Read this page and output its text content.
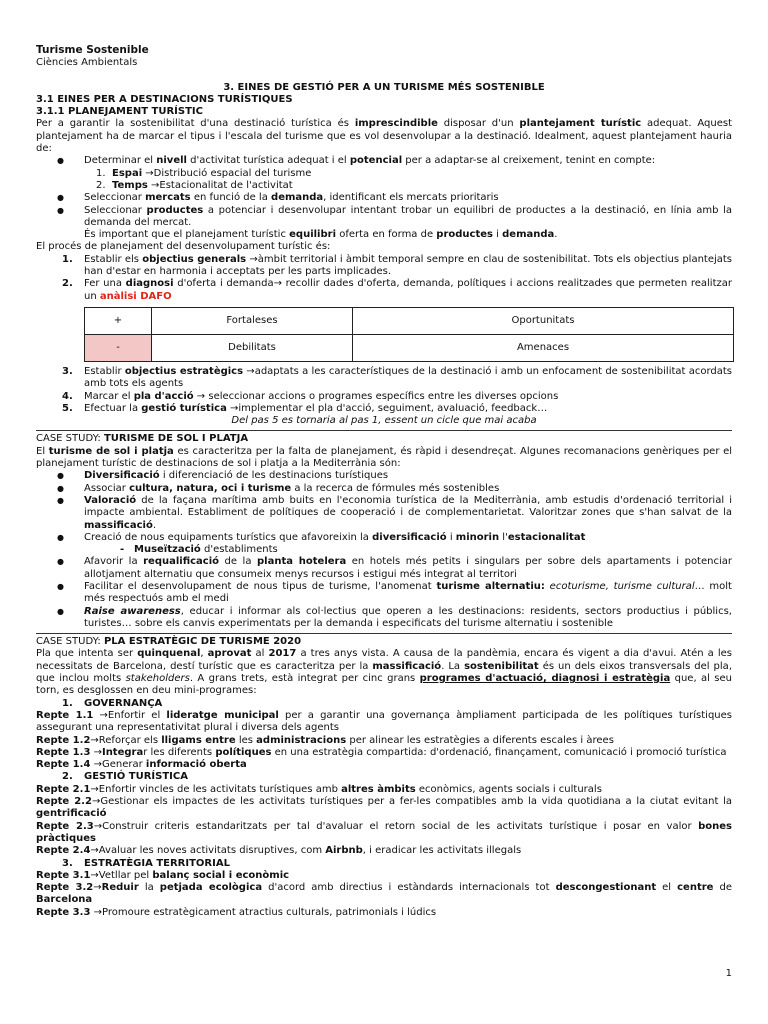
Turisme Sostenible
Ciències Ambientals
3. EINES DE GESTIÓ PER A UN TURISME MÉS SOSTENIBLE
3.1 EINES PER A DESTINACIONS TURÍSTIQUES
3.1.1 PLANEJAMENT TURÍSTIC

Per a garantir la sostenibilitat d'una destinació turística és imprescindible disposar d'un plantejament turístic adequat. Aquest plantejament ha de marcar el tipus i l'escala del turisme que es vol desenvolupar a la destinació. Idealment, aquest plantejament hauria de:

● Determinar el nivell d'activitat turística adequat i el potencial per a adaptar-se al creixement, tenint en compte:
1. Espai →Distribució espacial del turisme
2. Temps →Estacionalitat de l'activitat
● Seleccionar mercats en funció de la demanda, identificant els mercats prioritaris
● Seleccionar productes a potenciar i desenvolupar intentant trobar un equilibri de productes a la destinació, en línia amb la demanda del mercat.
És important que el planejament turístic equilibri oferta en forma de productes i demanda.

El procés de planejament del desenvolupament turístic és:

1. Establir els objectius generals →àmbit territorial i àmbit temporal sempre en clau de sostenibilitat. Tots els objectius plantejats han d'estar en harmonia i acceptats per les parts implicades.
2. Fer una diagnosi d'oferta i demanda→ recollir dades d'oferta, demanda, polítiques i accions realitzades que permeten realitzar un anàlisi DAFO
+	Fortaleses	Oportunitats
-	Debilitats	Amenaces
3. Establir objectius estratègics →adaptats a les característiques de la destinació i amb un enfocament de sostenibilitat acordats amb tots els agents
4. Marcar el pla d'acció → seleccionar accions o programes específics entre les diverses opcions
5. Efectuar la gestió turística →implementar el pla d'acció, seguiment, avaluació, feedback…
Del pas 5 es tornaria al pas 1, essent un cicle que mai acaba
CASE STUDY: TURISME DE SOL I PLATJA

El turisme de sol i platja es caracteritza per la falta de planejament, és ràpid i desendreçat. Algunes recomanacions genèriques per el planejament turístic de destinacions de sol i platja a la Mediterrània són:

● Diversificació i diferenciació de les destinacions turístiques
● Associar cultura, natura, oci i turisme a la recerca de fórmules més sostenibles
● Valoració de la façana marítima amb buits en l'economia turística de la Mediterrània, amb estudis d'ordenació territorial i impacte ambiental. Establiment de polítiques de cooperació i de complementarietat. Valoritzar zones que s'han salvat de la massificació.
● Creació de nous equipaments turístics que afavoreixin la diversificació i minorin l'estacionalitat
- Museïtzació d'establiments
● Afavorir la requalificació de la planta hotelera en hotels més petits i singulars per sobre dels apartaments i potenciar allotjament alternatiu que consumeix menys recursos i estigui més integrat al territori
● Facilitar el desenvolupament de nous tipus de turisme, l'anomenat turisme alternatiu: ecoturisme, turisme cultural… molt més respectuós amb el medi
● Raise awareness, educar i informar als col·lectius que operen a les destinacions: residents, sectors productius i públics, turistes… sobre els canvis experimentats per la demanda i especificats del turisme alternatiu i sostenible
CASE STUDY: PLA ESTRATÈGIC DE TURISME 2020

Pla que intenta ser quinquenal, aprovat al 2017 a tres anys vista. A causa de la pandèmia, encara és vigent a dia d'avui. Atén a les necessitats de Barcelona, destí turístic que es caracteritza per la massificació. La sostenibilitat és un dels eixos transversals del pla, que inclou molts stakeholders. A grans trets, està integrat per cinc grans programes d'actuació, diagnosi i estratègia que, al seu torn, es desglossen en deu mini-programes:

1. GOVERNANÇA

Repte 1.1 →Enfortir el lideratge municipal per a garantir una governança àmpliament participada de les polítiques turístiques assegurant una representativitat plural i diversa dels agents

Repte 1.2→Reforçar els lligams entre les administracions per alinear les estratègies a diferents escales i àrees

Repte 1.3 →Integrar les diferents polítiques en una estratègia compartida: d'ordenació, finançament, comunicació i promoció turística

Repte 1.4 →Generar informació oberta

2. GESTIÓ TURÍSTICA

Repte 2.1→Enfortir vincles de les activitats turístiques amb altres àmbits econòmics, agents socials i culturals

Repte 2.2→Gestionar els impactes de les activitats turístiques per a fer-les compatibles amb la vida quotidiana a la ciutat evitant la gentrificació

Repte 2.3→Construir criteris estandaritzats per tal d'avaluar el retorn social de les activitats turístique i posar en valor bones pràctiques

Repte 2.4→Avaluar les noves activitats disruptives, com Airbnb, i eradicar les activitats illegals

3. ESTRATÈGIA TERRITORIAL

Repte 3.1→Vetllar pel balanç social i econòmic

Repte 3.2→Reduir la petjada ecològica d'acord amb directius i estàndards internacionals tot descongestionant el centre de Barcelona

Repte 3.3 →Promoure estratègicament atractius culturals, patrimonials i lúdics

1
